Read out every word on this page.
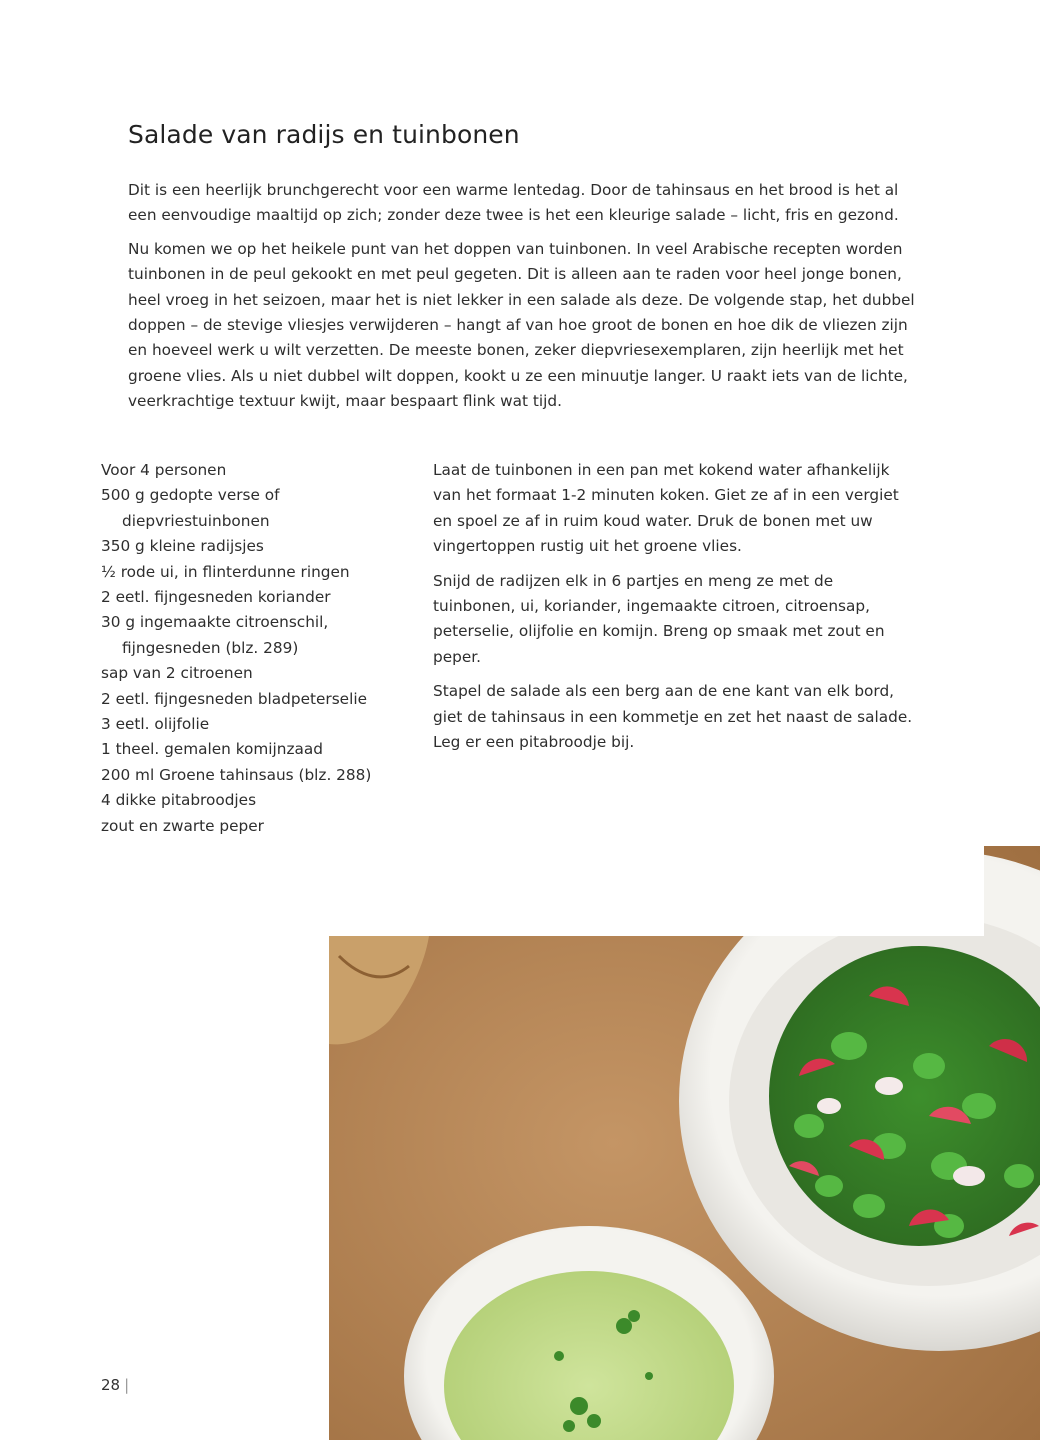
Salade van radijs en tuinbonen

Dit is een heerlijk brunchgerecht voor een warme lentedag. Door de tahinsaus en het brood is het al een eenvoudige maaltijd op zich; zonder deze twee is het een kleurige salade – licht, fris en gezond.

Nu komen we op het heikele punt van het doppen van tuinbonen. In veel Arabische recepten worden tuinbonen in de peul gekookt en met peul gegeten. Dit is alleen aan te raden voor heel jonge bonen, heel vroeg in het seizoen, maar het is niet lekker in een salade als deze. De volgende stap, het dubbel doppen – de stevige vliesjes verwijderen – hangt af van hoe groot de bonen en hoe dik de vliezen zijn en hoeveel werk u wilt verzetten. De meeste bonen, zeker diepvriesexemplaren, zijn heerlijk met het groene vlies. Als u niet dubbel wilt doppen, kookt u ze een minuutje langer. U raakt iets van de lichte, veerkrachtige textuur kwijt, maar bespaart flink wat tijd.

Voor 4 personen
500 g gedopte verse of diepvriestuinbonen
350 g kleine radijsjes
½ rode ui, in flinterdunne ringen
2 eetl. fijngesneden koriander
30 g ingemaakte citroenschil, fijngesneden (blz. 289)
sap van 2 citroenen
2 eetl. fijngesneden bladpeterselie
3 eetl. olijfolie
1 theel. gemalen komijnzaad
200 ml Groene tahinsaus (blz. 288)
4 dikke pitabroodjes
zout en zwarte peper

Laat de tuinbonen in een pan met kokend water afhankelijk van het formaat 1-2 minuten koken. Giet ze af in een vergiet en spoel ze af in ruim koud water. Druk de bonen met uw vingertoppen rustig uit het groene vlies.

Snijd de radijzen elk in 6 partjes en meng ze met de tuinbonen, ui, koriander, ingemaakte citroen, citroensap, peterselie, olijfolie en komijn. Breng op smaak met zout en peper.

Stapel de salade als een berg aan de ene kant van elk bord, giet de tahinsaus in een kommetje en zet het naast de salade. Leg er een pitabroodje bij.

28 |
